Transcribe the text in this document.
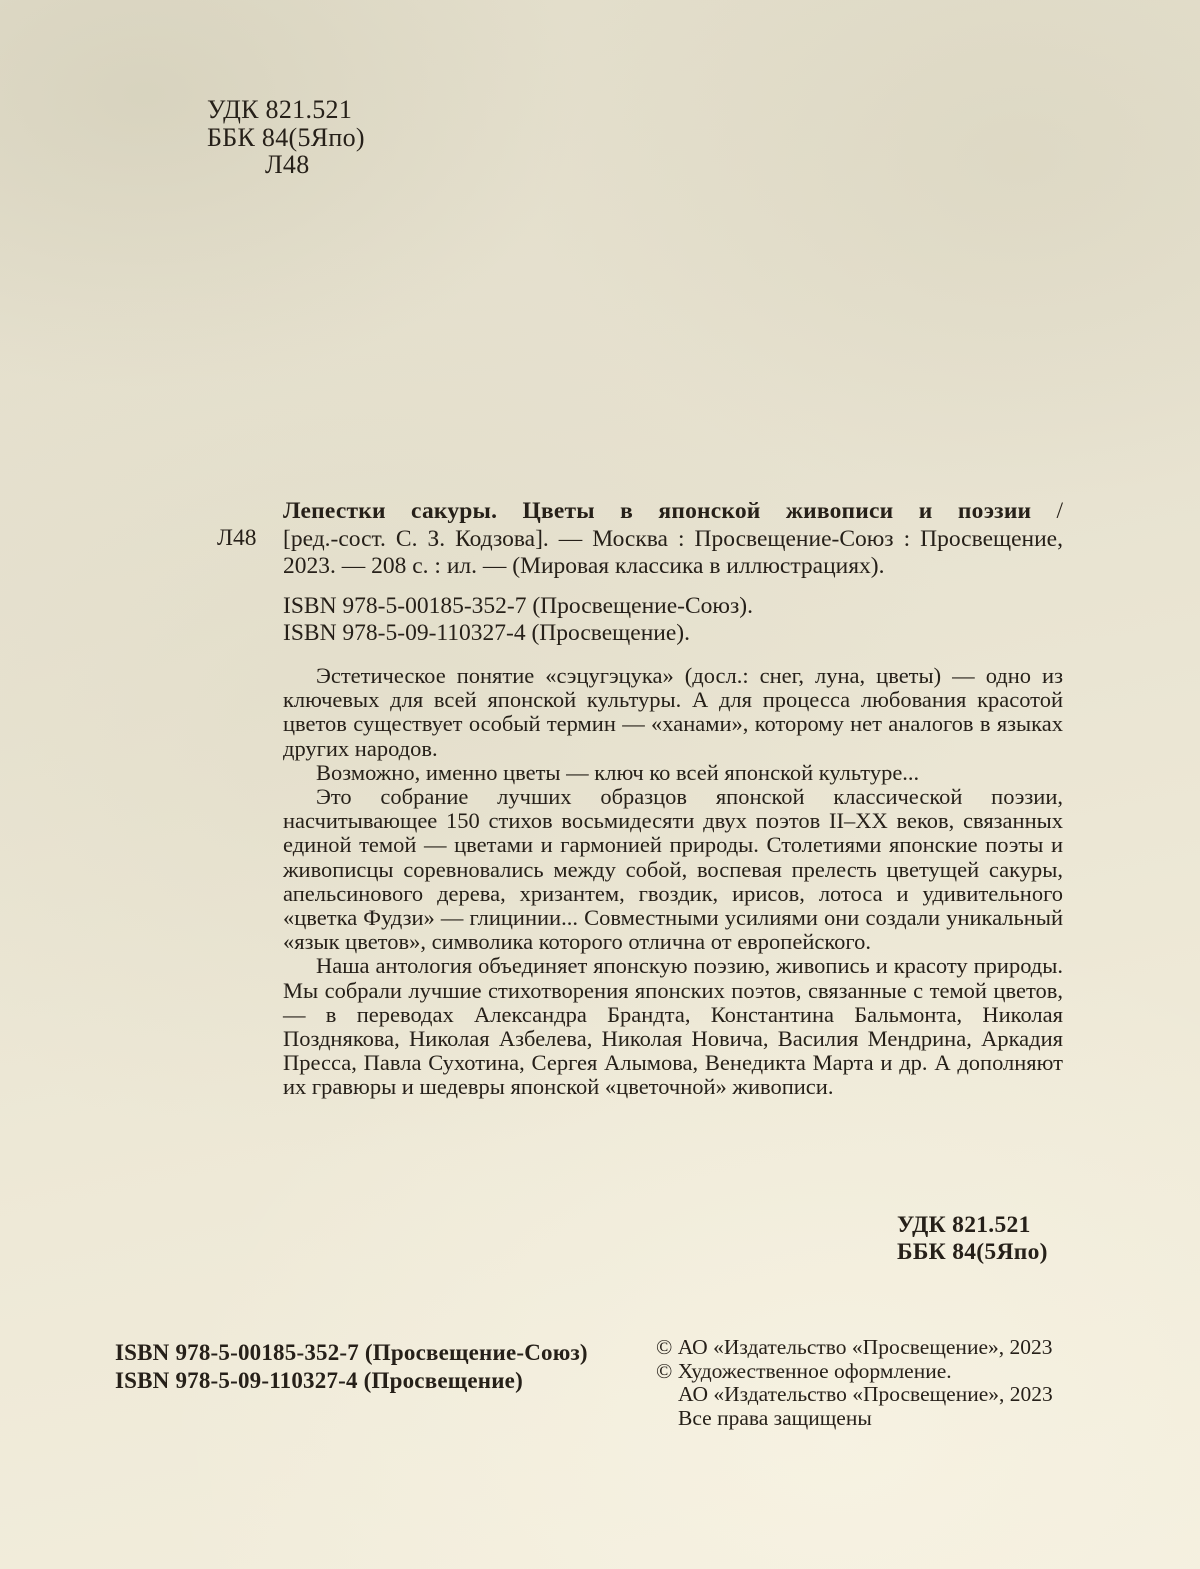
УДК 821.521
ББК 84(5Япо)
Л48
Л48
Лепестки сакуры. Цветы в японской живописи и поэзии /
[ред.-сост. С. З. Кодзова]. — Москва : Просвещение-Союз : Просвещение,
2023. — 208 с. : ил. — (Мировая классика в иллюстрациях).
ISBN 978-5-00185-352-7 (Просвещение-Союз).
ISBN 978-5-09-110327-4 (Просвещение).

Эстетическое понятие «сэцугэцука» (досл.: снег, луна, цветы) — одно из ключевых для всей японской культуры. А для процесса любования красотой цветов существует особый термин — «ханами», которому нет аналогов в языках других народов.

Возможно, именно цветы — ключ ко всей японской культуре...

Это собрание лучших образцов японской классической поэзии, насчитывающее 150 стихов восьмидесяти двух поэтов II–XX веков, связанных единой темой — цветами и гармонией природы. Столетиями японские поэты и живописцы соревновались между собой, воспевая прелесть цветущей сакуры, апельсинового дерева, хризантем, гвоздик, ирисов, лотоса и удивительного «цветка Фудзи» — глицинии... Совместными усилиями они создали уникальный «язык цветов», символика которого отлична от европейского.

Наша антология объединяет японскую поэзию, живопись и красоту природы. Мы собрали лучшие стихотворения японских поэтов, связанные с темой цветов, — в переводах Александра Брандта, Константина Бальмонта, Николая Позднякова, Николая Азбелева, Николая Новича, Василия Мендрина, Аркадия Пресса, Павла Сухотина, Сергея Алымова, Венедикта Марта и др. А дополняют их гравюры и шедевры японской «цветочной» живописи.

УДК 821.521
ББК 84(5Япо)
ISBN 978-5-00185-352-7 (Просвещение-Союз)
ISBN 978-5-09-110327-4 (Просвещение)
© АО «Издательство «Просвещение», 2023
© Художественное оформление.
АО «Издательство «Просвещение», 2023
Все права защищены
